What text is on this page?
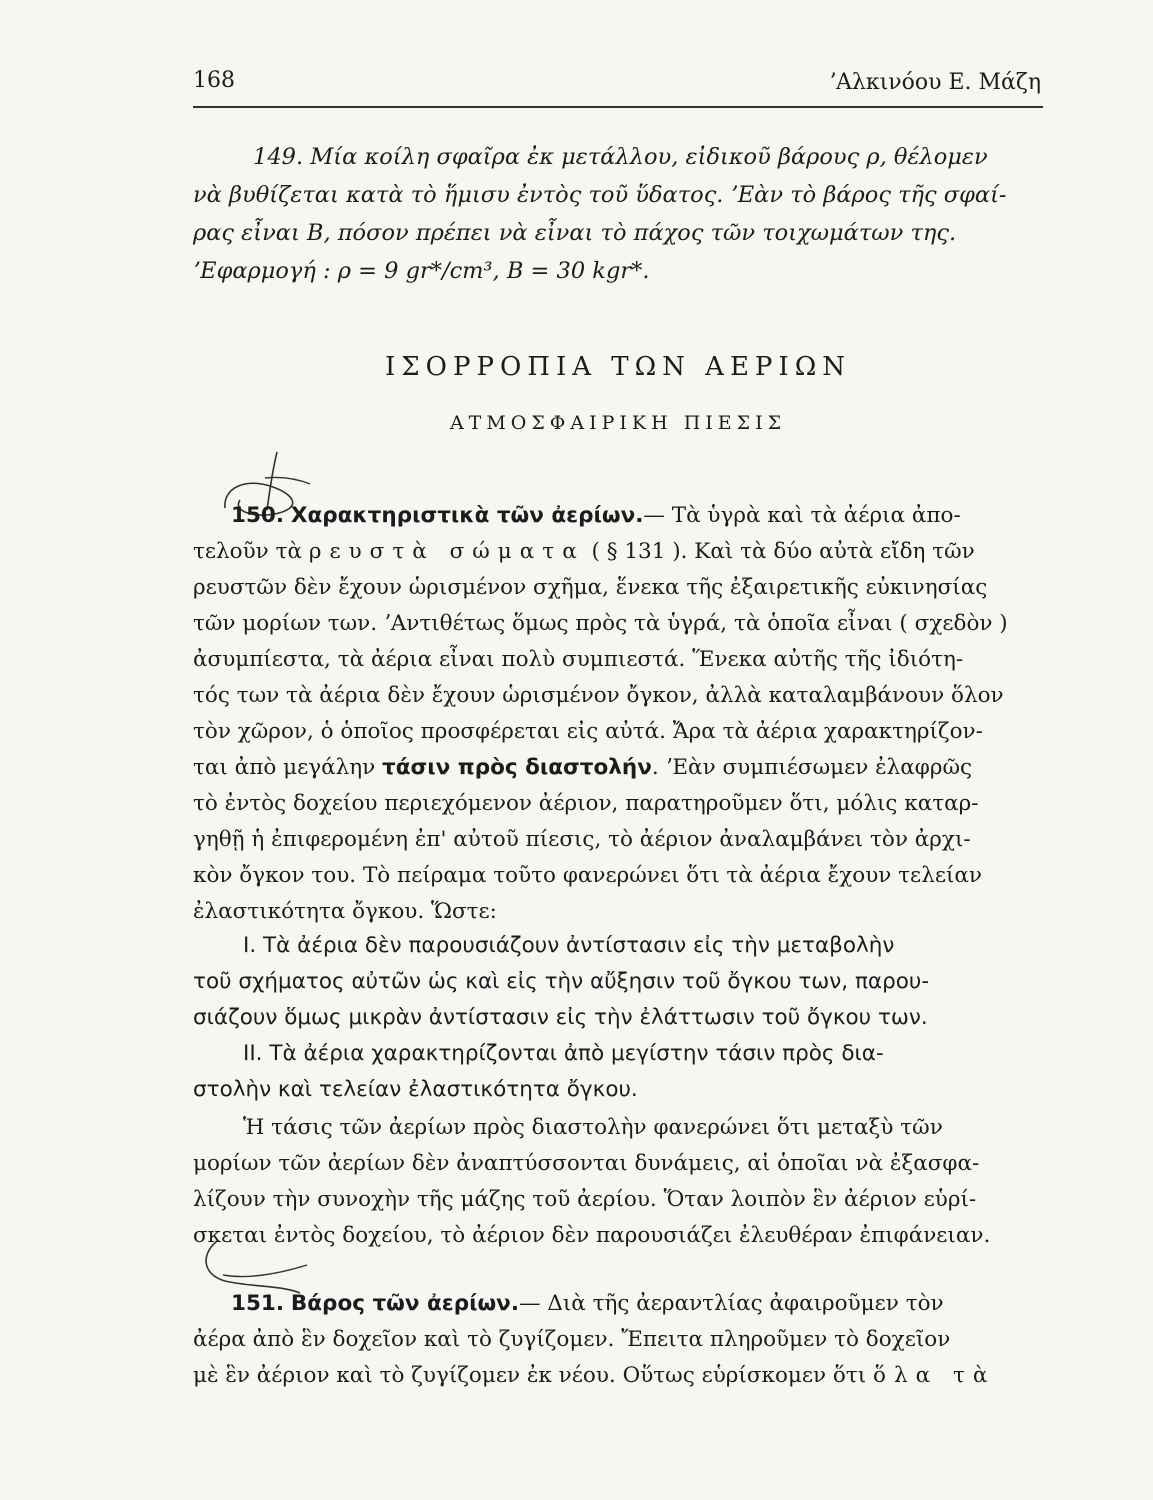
168	ʼΑλκινόου Ε. Μάζη
149. Μία κοίλη σφαῖρα ἐκ μετάλλου, εἰδικοῦ βάρους ρ, θέλομεν
νὰ βυθίζεται κατὰ τὸ ἥμισυ ἐντὸς τοῦ ὕδατος. ʼΕὰν τὸ βάρος τῆς σφαί-
ρας εἶναι Β, πόσον πρέπει νὰ εἶναι τὸ πάχος τῶν τοιχωμάτων της.
ʼΕφαρμογή : ρ = 9 gr*/cm³, Β = 30 kgr*.
ΙΣΟΡΡΟΠΙΑ ΤΩΝ ΑΕΡΙΩΝ
ΑΤΜΟΣΦΑΙΡΙΚΗ ΠΙΕΣΙΣ
150. Χαρακτηριστικὰ τῶν ἀερίων.— Τὰ ὑγρὰ καὶ τὰ ἀέρια ἀπο-
τελοῦν τὰ ρευστὰ σώματα ( § 131 ). Καὶ τὰ δύο αὐτὰ εἴδη τῶν
ρευστῶν δὲν ἔχουν ὡρισμένον σχῆμα, ἕνεκα τῆς ἐξαιρετικῆς εὐκινησίας
τῶν μορίων των. ʼΑντιθέτως ὅμως πρὸς τὰ ὑγρά, τὰ ὁποῖα εἶναι ( σχεδὸν )
ἀσυμπίεστα, τὰ ἀέρια εἶναι πολὺ συμπιεστά. Ἕνεκα αὐτῆς τῆς ἰδιότη-
τός των τὰ ἀέρια δὲν ἔχουν ὡρισμένον ὄγκον, ἀλλὰ καταλαμβάνουν ὅλον
τὸν χῶρον, ὁ ὁποῖος προσφέρεται εἰς αὐτά. Ἄρα τὰ ἀέρια χαρακτηρίζον-
ται ἀπὸ μεγάλην τάσιν πρὸς διαστολήν. ʼΕὰν συμπιέσωμεν ἐλαφρῶς
τὸ ἐντὸς δοχείου περιεχόμενον ἀέριον, παρατηροῦμεν ὅτι, μόλις καταρ-
γηθῇ ἡ ἐπιφερομένη ἐπ' αὐτοῦ πίεσις, τὸ ἀέριον ἀναλαμβάνει τὸν ἀρχι-
κὸν ὄγκον του. Τὸ πείραμα τοῦτο φανερώνει ὅτι τὰ ἀέρια ἔχουν τελείαν
ἐλαστικότητα ὄγκου. Ὥστε:
Ι. Τὰ ἀέρια δὲν παρουσιάζουν ἀντίστασιν εἰς τὴν μεταβολὴν
τοῦ σχήματος αὐτῶν ὡς καὶ εἰς τὴν αὔξησιν τοῦ ὄγκου των, παρου-
σιάζουν ὅμως μικρὰν ἀντίστασιν εἰς τὴν ἐλάττωσιν τοῦ ὄγκου των.
ΙΙ. Τὰ ἀέρια χαρακτηρίζονται ἀπὸ μεγίστην τάσιν πρὸς δια-
στολὴν καὶ τελείαν ἐλαστικότητα ὄγκου.
Ἡ τάσις τῶν ἀερίων πρὸς διαστολὴν φανερώνει ὅτι μεταξὺ τῶν
μορίων τῶν ἀερίων δὲν ἀναπτύσσονται δυνάμεις, αἱ ὁποῖαι νὰ ἐξασφα-
λίζουν τὴν συνοχὴν τῆς μάζης τοῦ ἀερίου. Ὅταν λοιπὸν ἓν ἀέριον εὑρί-
σκεται ἐντὸς δοχείου, τὸ ἀέριον δὲν παρουσιάζει ἐλευθέραν ἐπιφάνειαν.
151. Βάρος τῶν ἀερίων.— Διὰ τῆς ἀεραντλίας ἀφαιροῦμεν τὸν
ἀέρα ἀπὸ ἓν δοχεῖον καὶ τὸ ζυγίζομεν. Ἔπειτα πληροῦμεν τὸ δοχεῖον
μὲ ἓν ἀέριον καὶ τὸ ζυγίζομεν ἐκ νέου. Οὕτως εὑρίσκομεν ὅτι ὅλα τὰ
